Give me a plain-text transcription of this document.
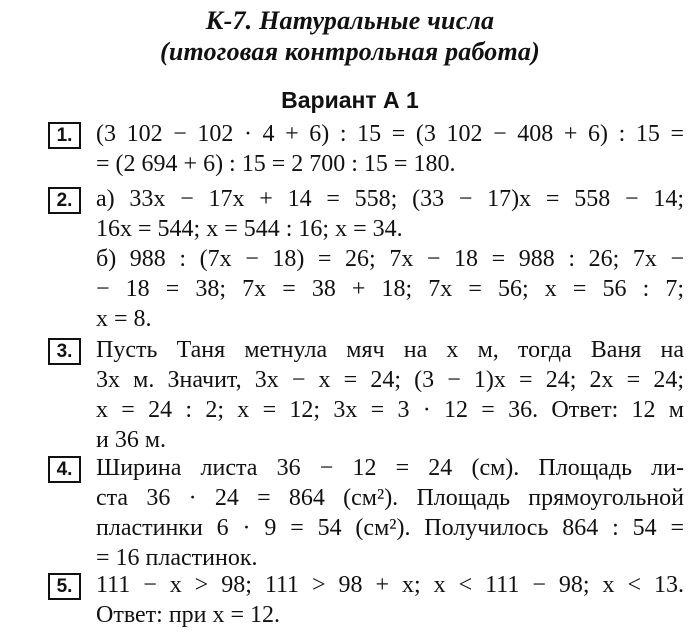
К-7. Натуральные числа
(итоговая контрольная работа)
Вариант А 1
1. (3 102 − 102 · 4 + 6) : 15 = (3 102 − 408 + 6) : 15 =
= (2 694 + 6) : 15 = 2 700 : 15 = 180.
2. а) 33x − 17x + 14 = 558; (33 − 17)x = 558 − 14;
16x = 544; x = 544 : 16; x = 34.
б) 988 : (7x − 18) = 26; 7x − 18 = 988 : 26; 7x −
− 18 = 38; 7x = 38 + 18; 7x = 56; x = 56 : 7;
x = 8.
3. Пусть Таня метнула мяч на x м, тогда Ваня на
3x м. Значит, 3x − x = 24; (3 − 1)x = 24; 2x = 24;
x = 24 : 2; x = 12; 3x = 3 · 12 = 36. Ответ: 12 м
и 36 м.
4. Ширина листа 36 − 12 = 24 (см). Площадь ли-
ста 36 · 24 = 864 (см²). Площадь прямоугольной
пластинки 6 · 9 = 54 (см²). Получилось 864 : 54 =
= 16 пластинок.
5. 111 − x > 98; 111 > 98 + x; x < 111 − 98; x < 13.
Ответ: при x = 12.
